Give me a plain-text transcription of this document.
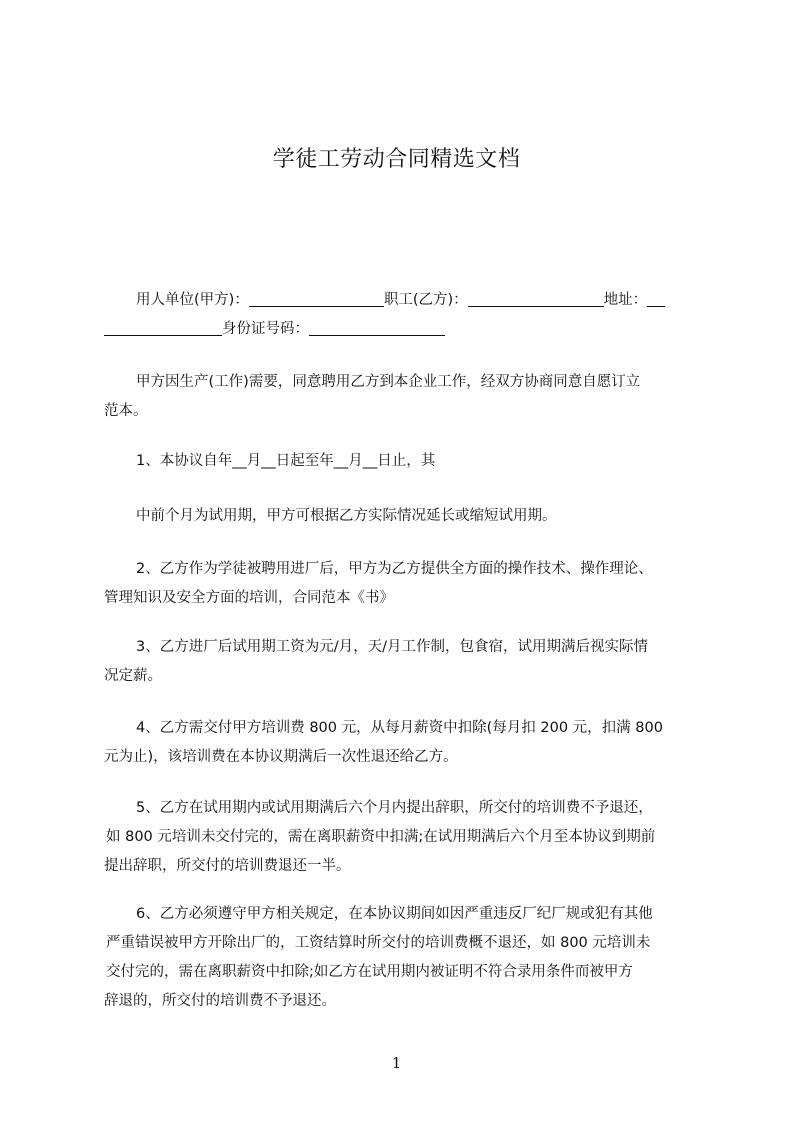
学徒工劳动合同精选文档
用人单位(甲方)：	职工(乙方)：	地址：
身份证号码：
甲方因生产(工作)需要，同意聘用乙方到本企业工作，经双方协商同意自愿订立
范本。
1、本协议自年__月__日起至年__月__日止，其
中前个月为试用期，甲方可根据乙方实际情况延长或缩短试用期。
2、乙方作为学徒被聘用进厂后，甲方为乙方提供全方面的操作技术、操作理论、
管理知识及安全方面的培训，合同范本《书》
3、乙方进厂后试用期工资为元/月，天/月工作制，包食宿，试用期满后视实际情
况定薪。
4、乙方需交付甲方培训费 800 元，从每月薪资中扣除(每月扣 200 元，扣满 800
元为止)，该培训费在本协议期满后一次性退还给乙方。
5、乙方在试用期内或试用期满后六个月内提出辞职，所交付的培训费不予退还，
如 800 元培训未交付完的，需在离职薪资中扣满;在试用期满后六个月至本协议到期前
提出辞职，所交付的培训费退还一半。
6、乙方必须遵守甲方相关规定，在本协议期间如因严重违反厂纪厂规或犯有其他
严重错误被甲方开除出厂的，工资结算时所交付的培训费概不退还，如 800 元培训未
交付完的，需在离职薪资中扣除;如乙方在试用期内被证明不符合录用条件而被甲方
辞退的，所交付的培训费不予退还。
1
